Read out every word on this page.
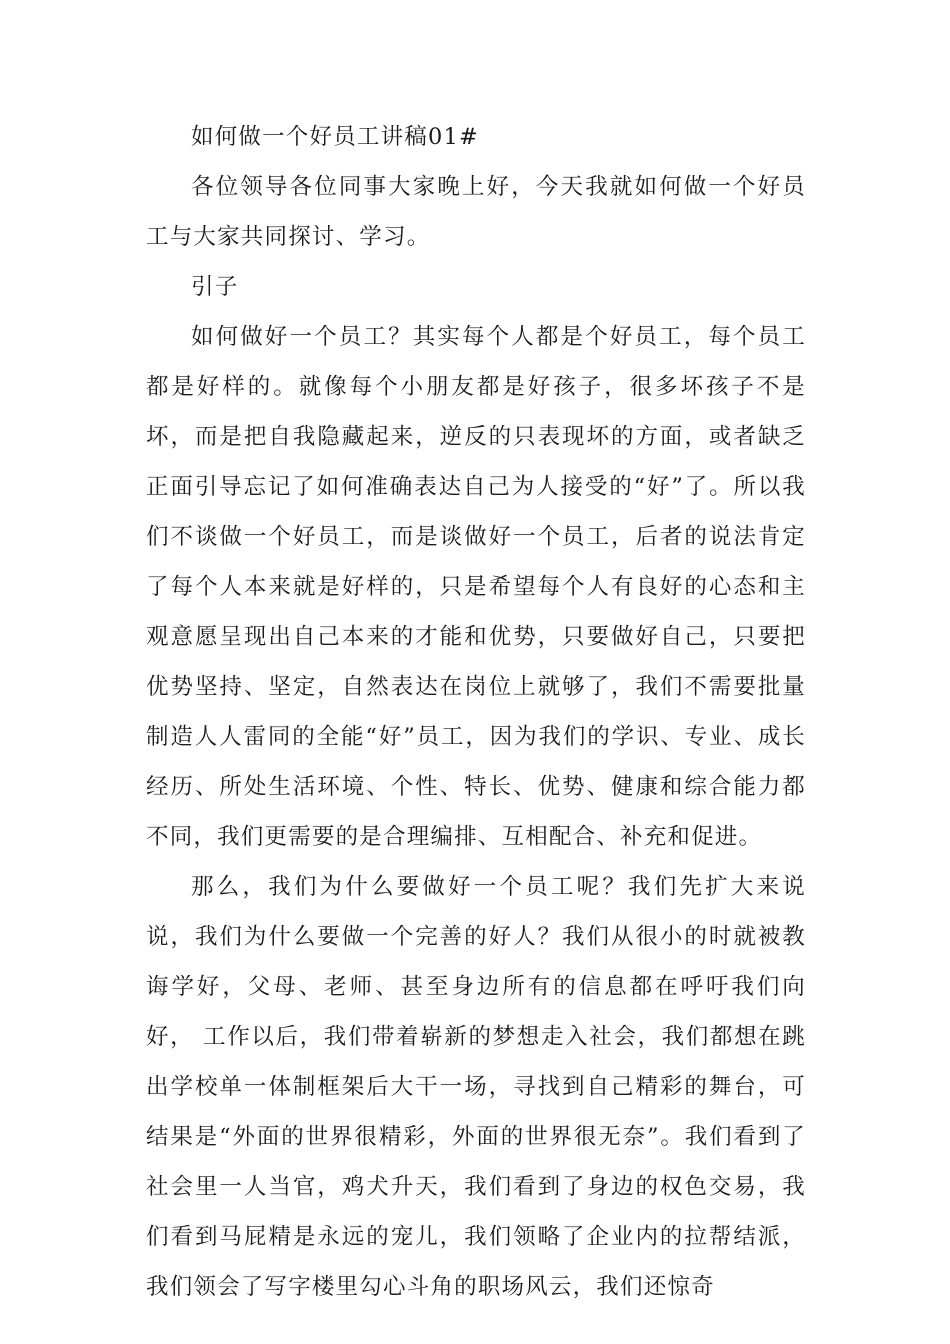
如何做一个好员工讲稿01#

各位领导各位同事大家晚上好，今天我就如何做一个好员工与大家共同探讨、学习。

引子

如何做好一个员工？其实每个人都是个好员工，每个员工都是好样的。就像每个小朋友都是好孩子，很多坏孩子不是坏，而是把自我隐藏起来，逆反的只表现坏的方面，或者缺乏正面引导忘记了如何准确表达自己为人接受的“好”了。所以我们不谈做一个好员工，而是谈做好一个员工，后者的说法肯定了每个人本来就是好样的，只是希望每个人有良好的心态和主观意愿呈现出自己本来的才能和优势，只要做好自己，只要把优势坚持、坚定，自然表达在岗位上就够了，我们不需要批量制造人人雷同的全能“好”员工，因为我们的学识、专业、成长经历、所处生活环境、个性、特长、优势、健康和综合能力都不同，我们更需要的是合理编排、互相配合、补充和促进。

那么，我们为什么要做好一个员工呢？我们先扩大来说说，我们为什么要做一个完善的好人？我们从很小的时就被教诲学好，父母、老师、甚至身边所有的信息都在呼吁我们向好， 工作以后，我们带着崭新的梦想走入社会，我们都想在跳出学校单一体制框架后大干一场，寻找到自己精彩的舞台，可结果是“外面的世界很精彩，外面的世界很无奈”。我们看到了社会里一人当官，鸡犬升天，我们看到了身边的权色交易，我们看到马屁精是永远的宠儿，我们领略了企业内的拉帮结派，我们领会了写字楼里勾心斗角的职场风云，我们还惊奇
